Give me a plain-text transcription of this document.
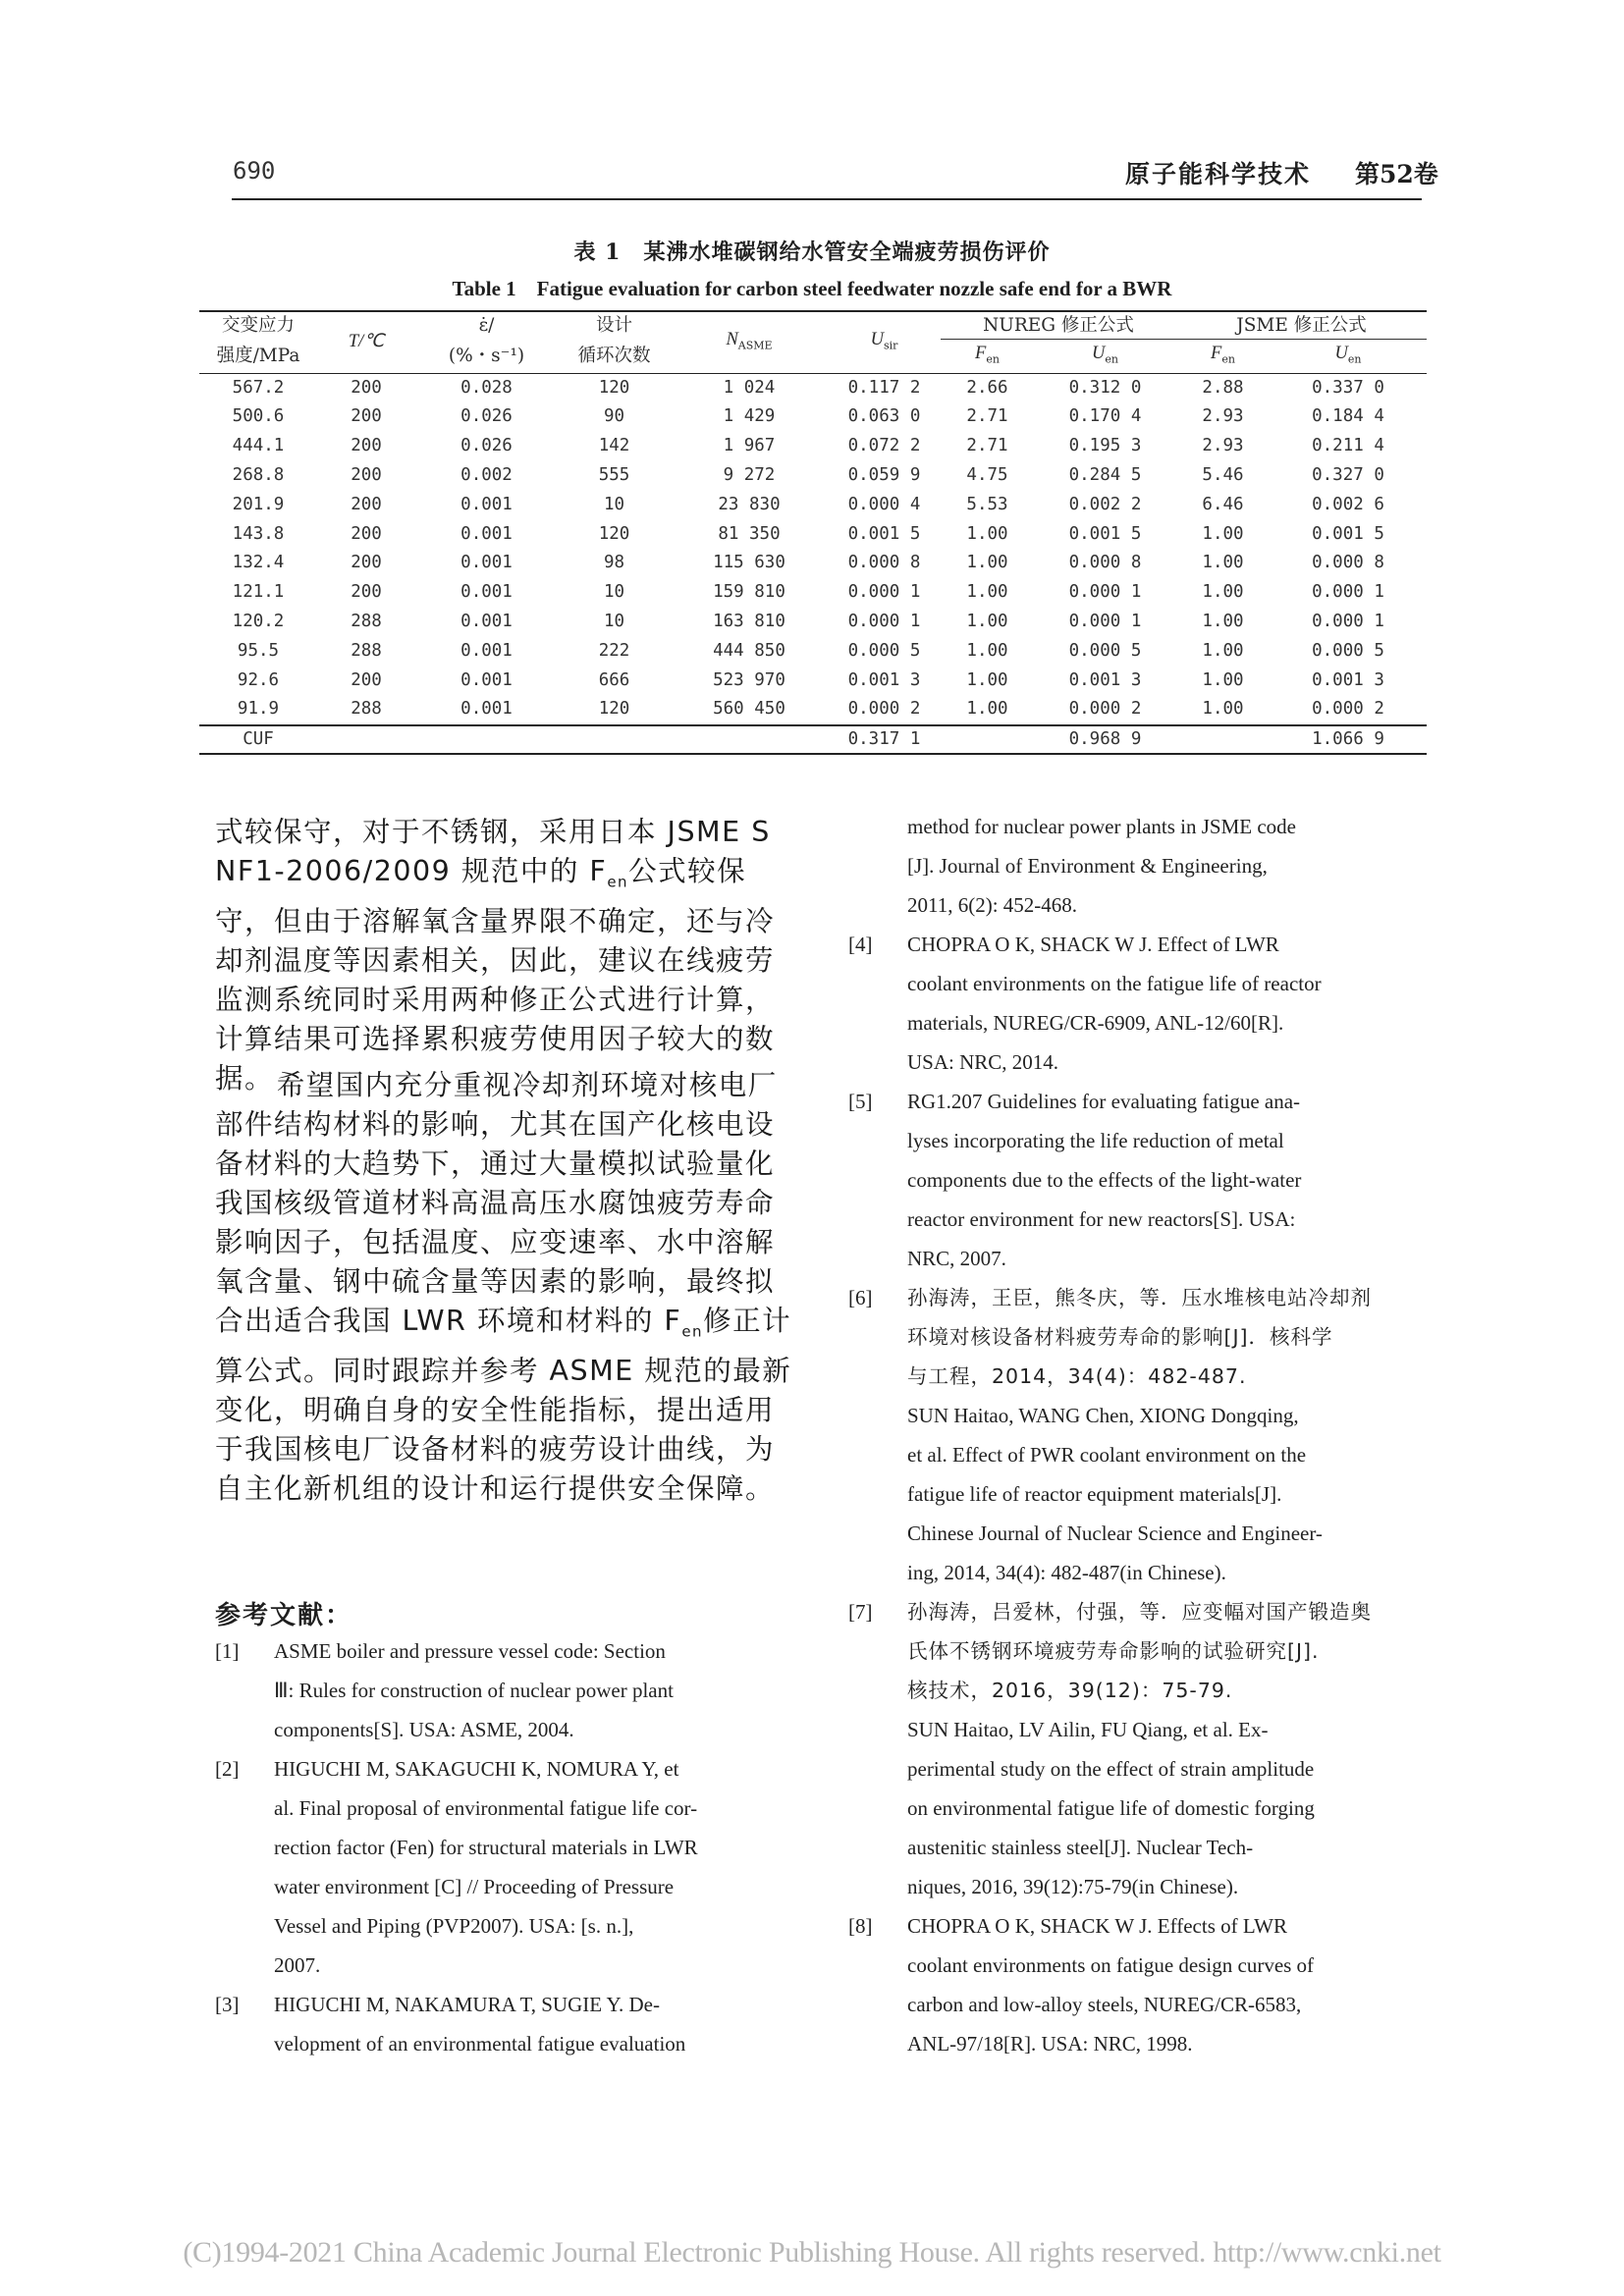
690	原子能科学技术 第52卷
表 1　某沸水堆碳钢给水管安全端疲劳损伤评价
Table 1　Fatigue evaluation for carbon steel feedwater nozzle safe end for a BWR
交变应力	T/℃	ε̇/	设计	$N_{ASME}$	$U_{sir}$	NUREG 修正公式		JSME 修正公式	
强度/MPa		(%・s⁻¹)	循环次数			$F_{en}$	$U_{en}$	$F_{en}$	$U_{en}$
567.2	200	0.028	120	1 024	0.117 2	2.66	0.312 0	2.88	0.337 0
500.6	200	0.026	90	1 429	0.063 0	2.71	0.170 4	2.93	0.184 4
444.1	200	0.026	142	1 967	0.072 2	2.71	0.195 3	2.93	0.211 4
268.8	200	0.002	555	9 272	0.059 9	4.75	0.284 5	5.46	0.327 0
201.9	200	0.001	10	23 830	0.000 4	5.53	0.002 2	6.46	0.002 6
143.8	200	0.001	120	81 350	0.001 5	1.00	0.001 5	1.00	0.001 5
132.4	200	0.001	98	115 630	0.000 8	1.00	0.000 8	1.00	0.000 8
121.1	200	0.001	10	159 810	0.000 1	1.00	0.000 1	1.00	0.000 1
120.2	288	0.001	10	163 810	0.000 1	1.00	0.000 1	1.00	0.000 1
95.5	288	0.001	222	444 850	0.000 5	1.00	0.000 5	1.00	0.000 5
92.6	200	0.001	666	523 970	0.001 3	1.00	0.001 3	1.00	0.001 3
91.9	288	0.001	120	560 450	0.000 2	1.00	0.000 2	1.00	0.000 2
CUF					0.317 1		0.968 9		1.066 9
式较保守，对于不锈钢，采用日本 JSME S NF1-2006/2009 规范中的 $F_{en}$公式较保守，但由于溶解氧含量界限不确定，还与冷却剂温度等因素相关，因此，建议在线疲劳监测系统同时采用两种修正公式进行计算，计算结果可选择累积疲劳使用因子较大的数据。 希望国内充分重视冷却剂环境对核电厂部件结构材料的影响，尤其在国产化核电设备材料的大趋势下，通过大量模拟试验量化我国核级管道材料高温高压水腐蚀疲劳寿命影响因子，包括温度、应变速率、水中溶解氧含量、钢中硫含量等因素的影响，最终拟合出适合我国 LWR 环境和材料的 $F_{en}$修正计算公式。同时跟踪并参考 ASME 规范的最新变化，明确自身的安全性能指标，提出适用于我国核电厂设备材料的疲劳设计曲线，为自主化新机组的设计和运行提供安全保障。
参考文献：
[1] ASME boiler and pressure vessel code: Section
Ⅲ: Rules for construction of nuclear power plant
components[S]. USA: ASME, 2004.
[2] HIGUCHI M, SAKAGUCHI K, NOMURA Y, et
al. Final proposal of environmental fatigue life cor-
rection factor (Fen) for structural materials in LWR
water environment [C] // Proceeding of Pressure
Vessel and Piping (PVP2007). USA: [s. n.],
2007.
[3] HIGUCHI M, NAKAMURA T, SUGIE Y. De-
velopment of an environmental fatigue evaluation
method for nuclear power plants in JSME code
[J]. Journal of Environment & Engineering,
2011, 6(2): 452-468.
[4] CHOPRA O K, SHACK W J. Effect of LWR
coolant environments on the fatigue life of reactor
materials, NUREG/CR-6909, ANL-12/60[R].
USA: NRC, 2014.
[5] RG1.207 Guidelines for evaluating fatigue ana-
lyses incorporating the life reduction of metal
components due to the effects of the light-water
reactor environment for new reactors[S]. USA:
NRC, 2007.
[6] 孙海涛，王臣，熊冬庆，等．压水堆核电站冷却剂
环境对核设备材料疲劳寿命的影响[J]．核科学
与工程，2014，34(4)：482-487.
SUN Haitao, WANG Chen, XIONG Dongqing,
et al. Effect of PWR coolant environment on the
fatigue life of reactor equipment materials[J].
Chinese Journal of Nuclear Science and Engineer-
ing, 2014, 34(4): 482-487(in Chinese).
[7] 孙海涛，吕爱林，付强，等．应变幅对国产锻造奥
氏体不锈钢环境疲劳寿命影响的试验研究[J].
核技术，2016，39(12)：75-79.
SUN Haitao, LV Ailin, FU Qiang, et al. Ex-
perimental study on the effect of strain amplitude
on environmental fatigue life of domestic forging
austenitic stainless steel[J]. Nuclear Tech-
niques, 2016, 39(12):75-79(in Chinese).
[8] CHOPRA O K, SHACK W J. Effects of LWR
coolant environments on fatigue design curves of
carbon and low-alloy steels, NUREG/CR-6583,
ANL-97/18[R]. USA: NRC, 1998.
(C)1994-2021 China Academic Journal Electronic Publishing House. All rights reserved. http://www.cnki.net
